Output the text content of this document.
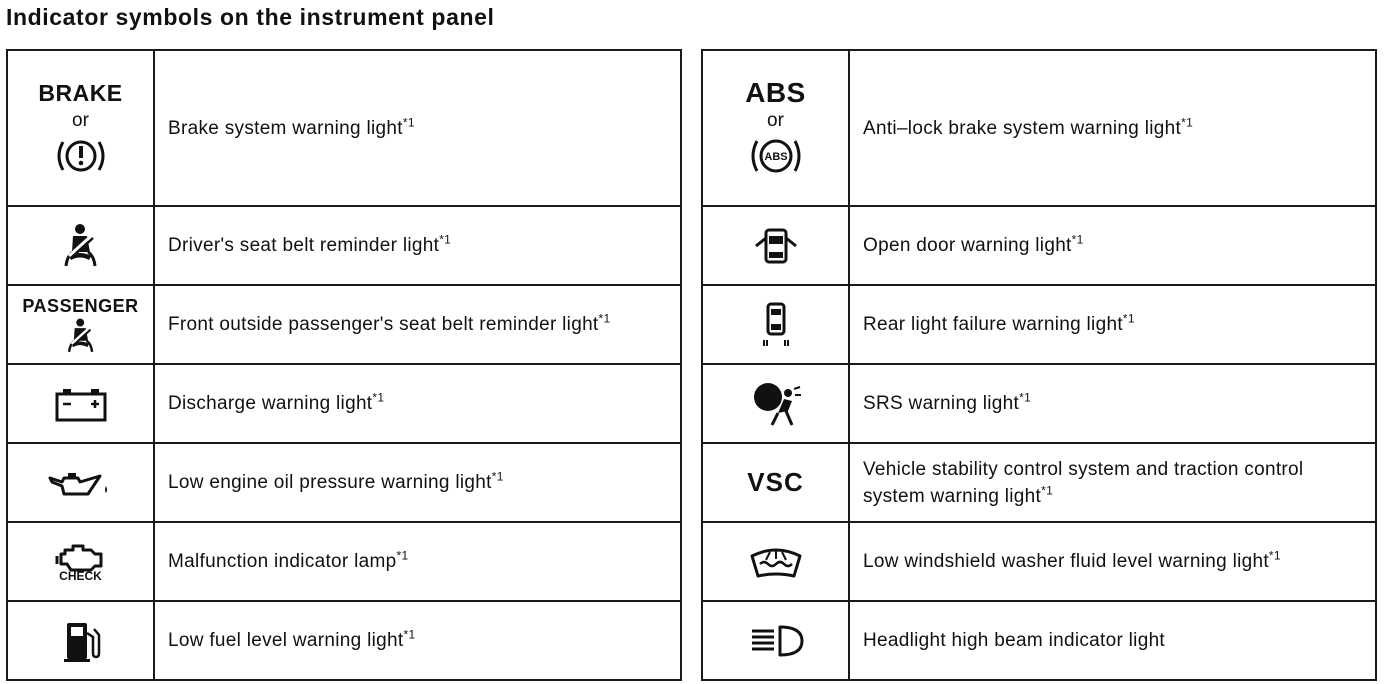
Indicator symbols on the instrument panel
BRAKE
or	Brake system warning light$^{*1}$
	Driver's seat belt reminder light$^{*1}$

PASSENGER	Front outside passenger's seat belt reminder light$^{*1}$
	Discharge warning light$^{*1}$
	Low engine oil pressure warning light$^{*1}$

CHECK	Malfunction indicator lamp$^{*1}$
	Low fuel level warning light$^{*1}$
ABS
or
ABS	Anti–lock brake system warning light$^{*1}$
	Open door warning light$^{*1}$
	Rear light failure warning light$^{*1}$
	SRS warning light$^{*1}$
VSC	Vehicle stability control system and traction control system warning light$^{*1}$
	Low windshield washer fluid level warning light$^{*1}$
	Headlight high beam indicator light
